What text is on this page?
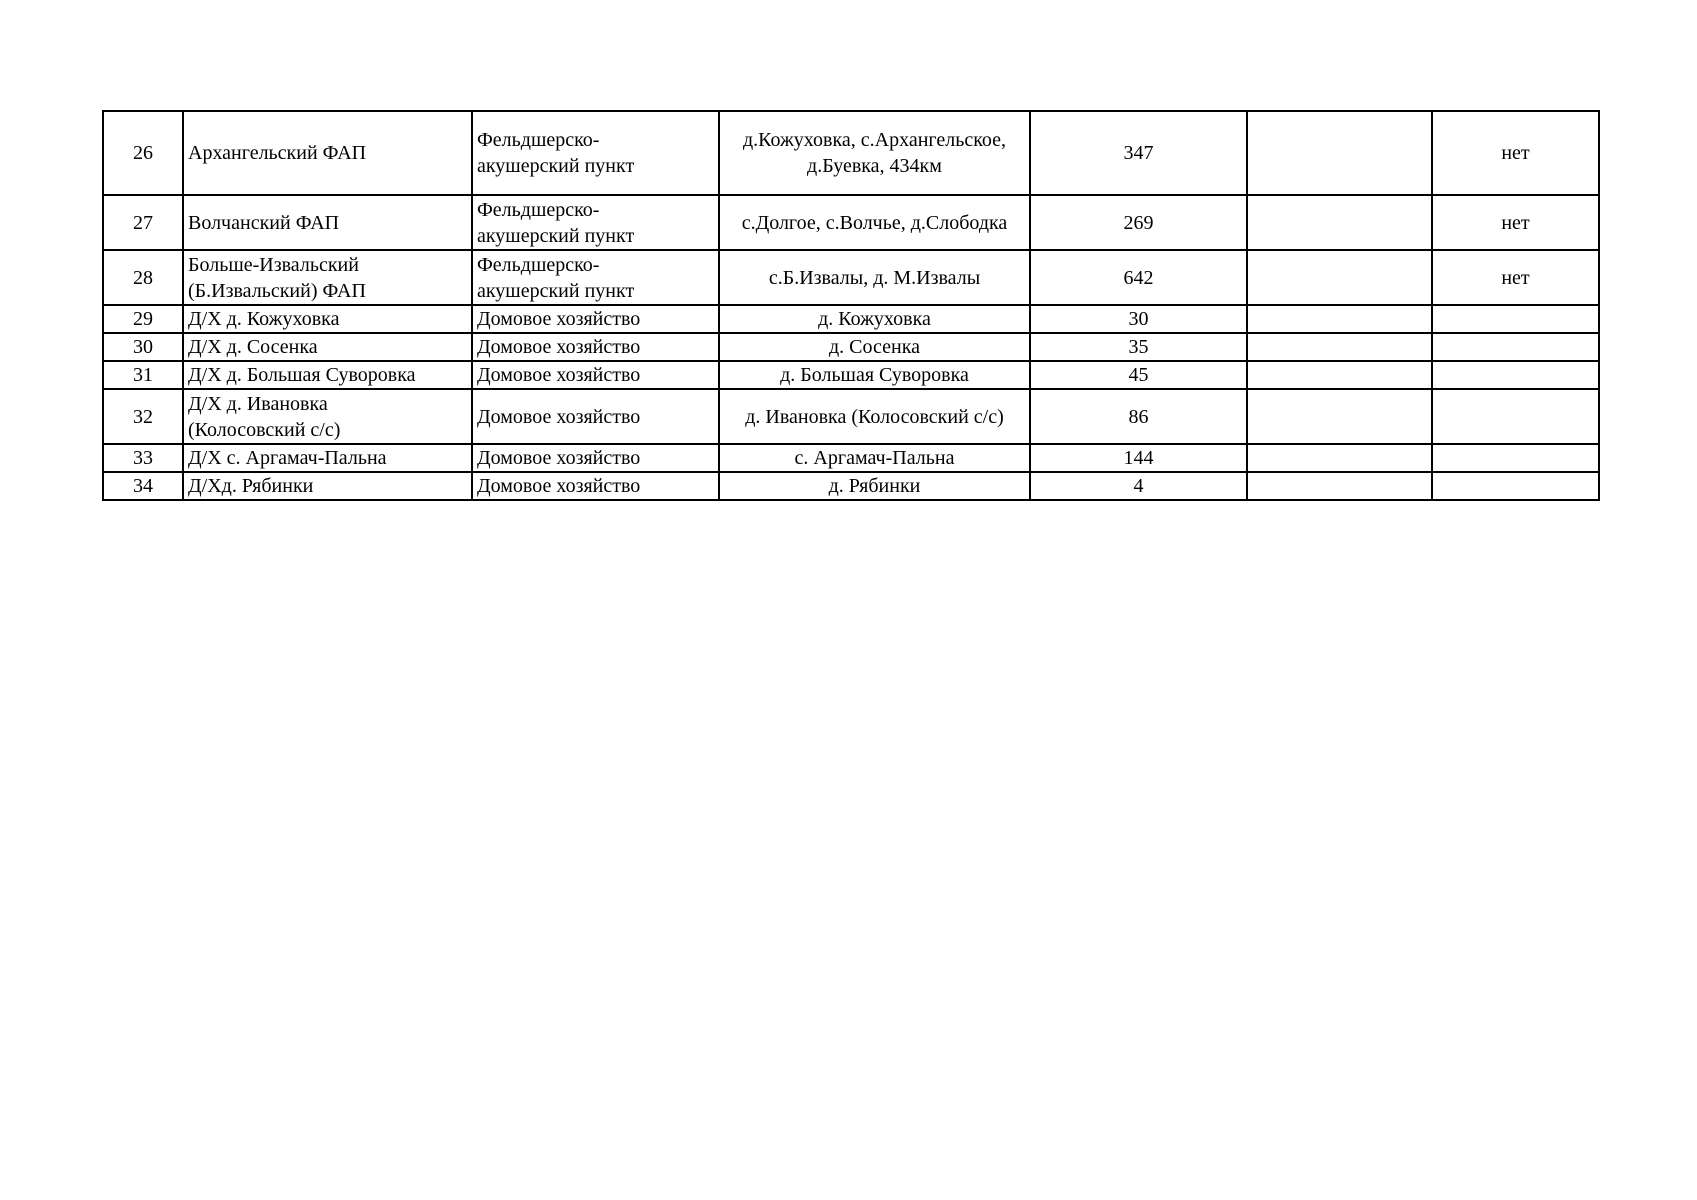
26	Архангельский ФАП	Фельдшерско-
акушерский пункт	д.Кожуховка, с.Архангельское,
д.Буевка, 434км	347		нет
27	Волчанский ФАП	Фельдшерско-
акушерский пункт	с.Долгое, с.Волчье, д.Слободка	269		нет
28	Больше-Извальский
(Б.Извальский) ФАП	Фельдшерско-
акушерский пункт	с.Б.Извалы, д. М.Извалы	642		нет
29	Д/Х д. Кожуховка	Домовое хозяйство	д. Кожуховка	30		
30	Д/Х д. Сосенка	Домовое хозяйство	д. Сосенка	35		
31	Д/Х д. Большая Суворовка	Домовое хозяйство	д. Большая Суворовка	45		
32	Д/Х д. Ивановка
(Колосовский с/с)	Домовое хозяйство	д. Ивановка (Колосовский с/с)	86		
33	Д/Х с. Аргамач-Пальна	Домовое хозяйство	с. Аргамач-Пальна	144		
34	Д/Хд. Рябинки	Домовое хозяйство	д. Рябинки	4		
